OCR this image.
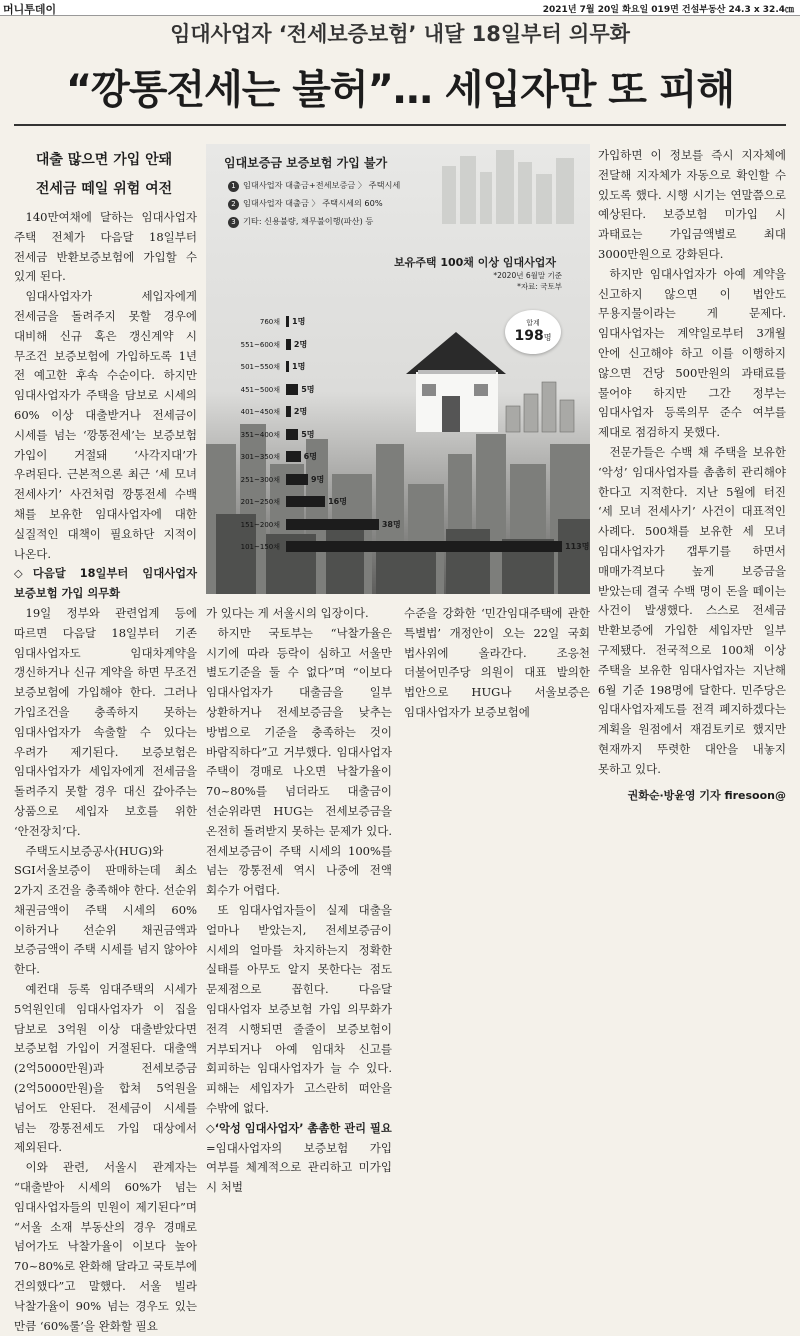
머니투데이	2021년 7월 20일 화요일 019면 건설부동산 24.3 x 32.4㎝
임대사업자 ‘전세보증보험’ 내달 18일부터 의무화
“깡통전세는 불허”… 세입자만 또 피해
대출 많으면 가입 안돼
전세금 떼일 위험 여전

140만여채에 달하는 임대사업자 주택 전체가 다음달 18일부터 전세금 반환보증보험에 가입할 수 있게 된다.

임대사업자가 세입자에게 전세금을 돌려주지 못할 경우에 대비해 신규 혹은 갱신계약 시 무조건 보증보험에 가입하도록 1년 전 예고한 후속 수순이다. 하지만 임대사업자가 주택을 담보로 시세의 60% 이상 대출받거나 전세금이 시세를 넘는 ‘깡통전세’는 보증보험 가입이 거절돼 ‘사각지대’가 우려된다. 근본적으론 최근 ‘세 모녀 전세사기’ 사건처럼 깡통전세 수백 채를 보유한 임대사업자에 대한 실질적인 대책이 필요하단 지적이 나온다.

◇다음달 18일부터 임대사업자 보증보험 가입 의무화

19일 정부와 관련업계 등에 따르면 다음달 18일부터 기존 임대사업자도 임대차계약을 갱신하거나 신규 계약을 하면 무조건 보증보험에 가입해야 한다. 그러나 가입조건을 충족하지 못하는 임대사업자가 속출할 수 있다는 우려가 제기된다. 보증보험은 임대사업자가 세입자에게 전세금을 돌려주지 못할 경우 대신 갚아주는 상품으로 세입자 보호를 위한 ‘안전장치’다.

주택도시보증공사(HUG)와 SGI서울보증이 판매하는데 최소 2가지 조건을 충족해야 한다. 선순위 채권금액이 주택 시세의 60% 이하거나 선순위 채권금액과 보증금액이 주택 시세를 넘지 않아야 한다.

예컨대 등록 임대주택의 시세가 5억원인데 임대사업자가 이 집을 담보로 3억원 이상 대출받았다면 보증보험 가입이 거절된다. 대출액(2억5000만원)과 전세보증금(2억5000만원)을 합쳐 5억원을 넘어도 안된다. 전세금이 시세를 넘는 깡통전세도 가입 대상에서 제외된다.

이와 관련, 서울시 관계자는 “대출받아 시세의 60%가 넘는 임대사업자들의 민원이 제기된다”며 “서울 소재 부동산의 경우 경매로 넘어가도 낙찰가율이 이보다 높아 70~80%로 완화해 달라고 국토부에 건의했다”고 말했다. 서울 빌라 낙찰가율이 90% 넘는 경우도 있는 만큼 ‘60%룰’을 완화할 필요

임대보증금 보증보험 가입 불가
1 임대사업자 대출금+전세보증금 〉 주택시세
2 임대사업자 대출금 〉 주택시세의 60%
3 기타: 신용불량, 채무불이행(파산) 등
보유주택 100채 이상 임대사업자
*2020년 6월말 기준
*자료: 국토부
합계
198명
760채 1명
551~600채 2명
501~550채 1명
451~500채	5명
401~450채 2명
351~400채	5명
301~350채	6명
251~300채	9명
201~250채	16명
151~200채	38명
101~150채	113명

가 있다는 게 서울시의 입장이다.

하지만 국토부는 “낙찰가율은 시기에 따라 등락이 심하고 서울만 별도기준을 둘 수 없다”며 “이보다 임대사업자가 대출금을 일부 상환하거나 전세보증금을 낮추는 방법으로 기준을 충족하는 것이 바람직하다”고 거부했다. 임대사업자 주택이 경매로 나오면 낙찰가율이 70~80%를 넘더라도 대출금이 선순위라면 HUG는 전세보증금을 온전히 돌려받지 못하는 문제가 있다. 전세보증금이 주택 시세의 100%를 넘는 깡통전세 역시 나중에 전액 회수가 어렵다.

또 임대사업자들이 실제 대출을 얼마나 받았는지, 전세보증금이 시세의 얼마를 차지하는지 정확한 실태를 아무도 알지 못한다는 점도 문제점으로 꼽힌다. 다음달 임대사업자 보증보험 가입 의무화가 전격 시행되면 줄줄이 보증보험이 거부되거나 아예 임대차 신고를 회피하는 임대사업자가 늘 수 있다. 피해는 세입자가 고스란히 떠안을 수밖에 없다.

◇‘악성 임대사업자’ 촘촘한 관리 필요

=임대사업자의 보증보험 가입 여부를 체계적으로 관리하고 미가입 시 처벌

수준을 강화한 ‘민간임대주택에 관한 특별법’ 개정안이 오는 22일 국회 법사위에 올라간다. 조응천 더불어민주당 의원이 대표 발의한 법안으로 HUG나 서울보증은 임대사업자가 보증보험에

가입하면 이 정보를 즉시 지자체에 전달해 지자체가 자동으로 확인할 수 있도록 했다. 시행 시기는 연말쯤으로 예상된다. 보증보험 미가입 시 과태료는 가입금액별로 최대 3000만원으로 강화된다.

하지만 임대사업자가 아예 계약을 신고하지 않으면 이 법안도 무용지물이라는 게 문제다. 임대사업자는 계약일로부터 3개월 안에 신고해야 하고 이를 이행하지 않으면 건당 500만원의 과태료를 물어야 하지만 그간 정부는 임대사업자 등록의무 준수 여부를 제대로 점검하지 못했다.

전문가들은 수백 채 주택을 보유한 ‘악성’ 임대사업자를 촘촘히 관리해야 한다고 지적한다. 지난 5월에 터진 ‘세 모녀 전세사기’ 사건이 대표적인 사례다. 500채를 보유한 세 모녀 임대사업자가 갭투기를 하면서 매매가격보다 높게 보증금을 받았는데 결국 수백 명이 돈을 떼이는 사건이 발생했다. 스스로 전세금 반환보증에 가입한 세입자만 일부 구제됐다. 전국적으로 100채 이상 주택을 보유한 임대사업자는 지난해 6월 기준 198명에 달한다. 민주당은 임대사업자제도를 전격 폐지하겠다는 계획을 원점에서 재검토키로 했지만 현재까지 뚜렷한 대안을 내놓지 못하고 있다.

권화순·방윤영 기자 firesoon@
